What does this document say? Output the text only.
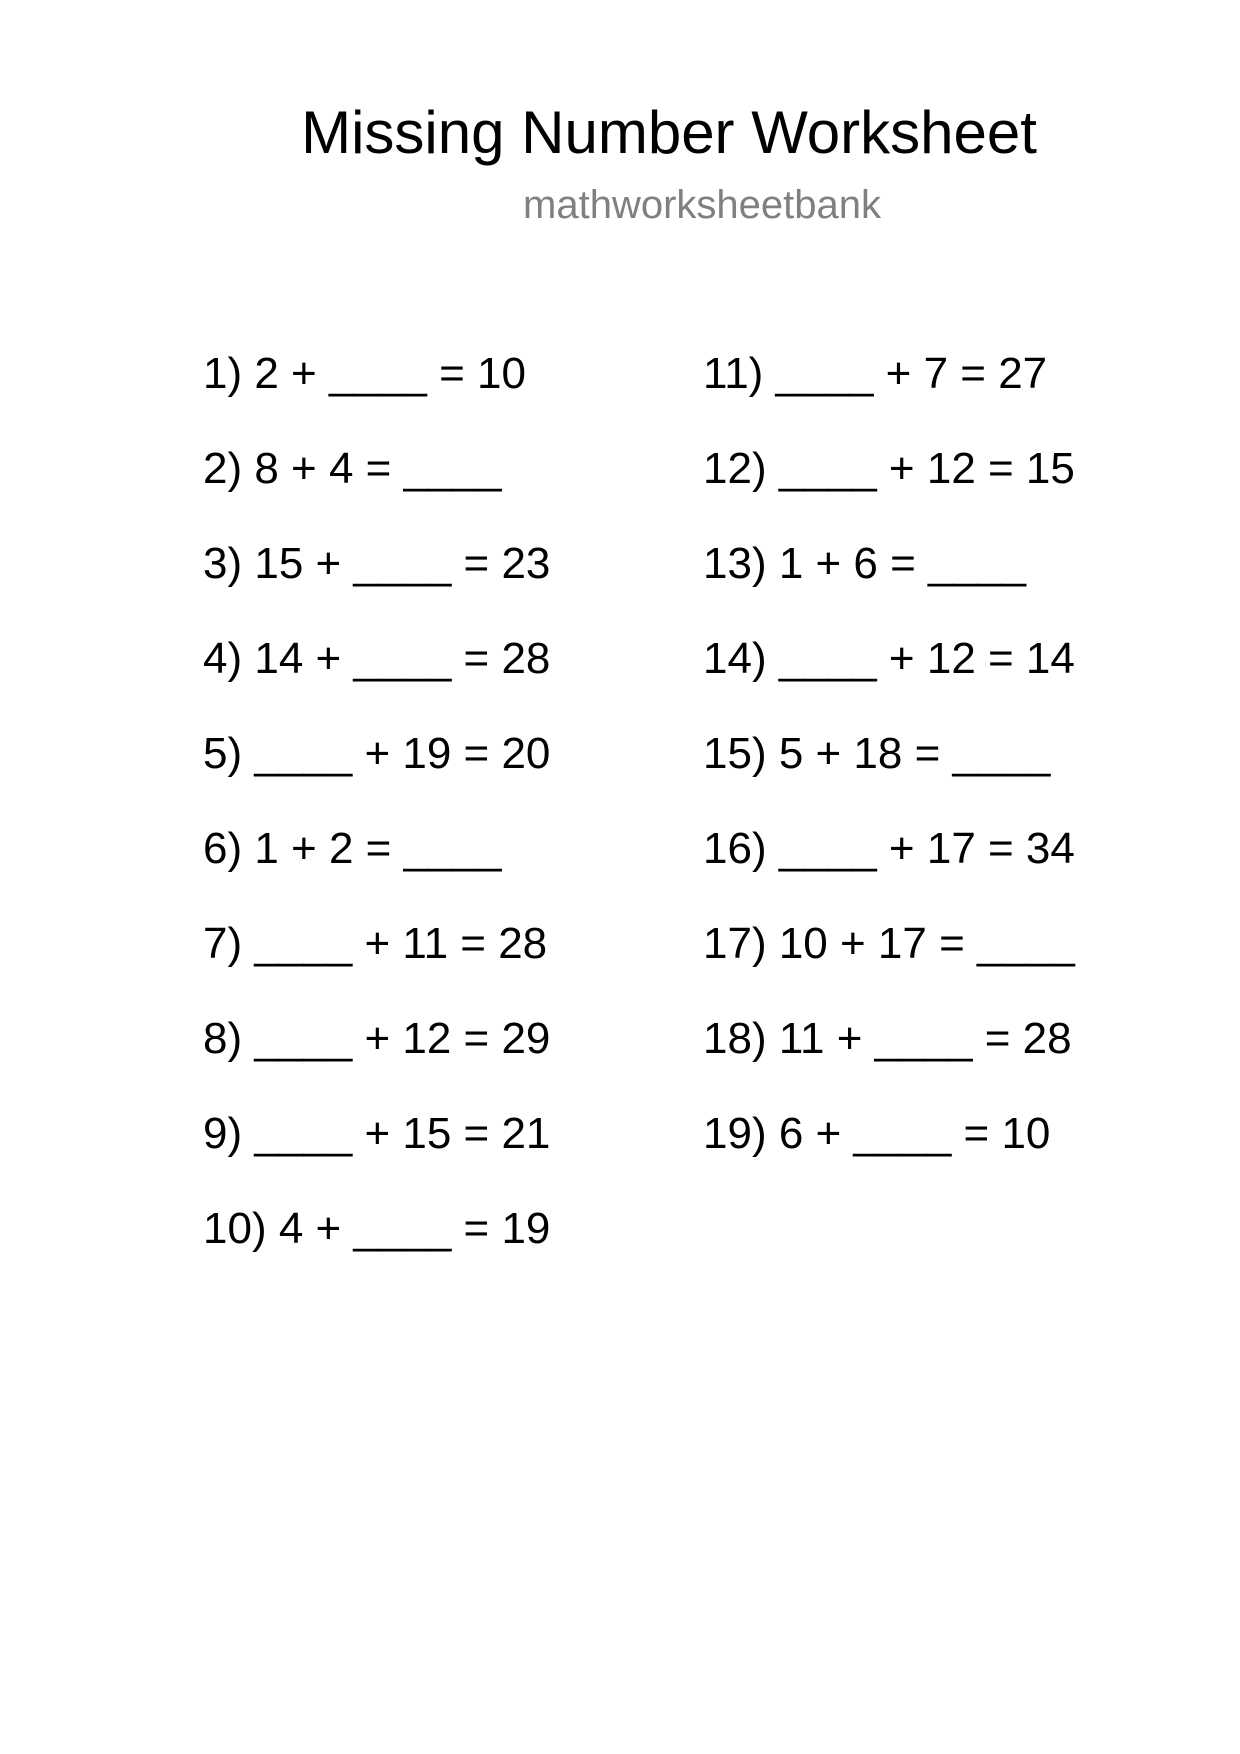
Missing Number Worksheet
mathworksheetbank
1) 2 + ____ = 10
2) 8 + 4 = ____
3) 15 + ____ = 23
4) 14 + ____ = 28
5) ____ + 19 = 20
6) 1 + 2 = ____
7) ____ + 11 = 28
8) ____ + 12 = 29
9) ____ + 15 = 21
10) 4 + ____ = 19
11) ____ + 7 = 27
12) ____ + 12 = 15
13) 1 + 6 = ____
14) ____ + 12 = 14
15) 5 + 18 = ____
16) ____ + 17 = 34
17) 10 + 17 = ____
18) 11 + ____ = 28
19) 6 + ____ = 10
